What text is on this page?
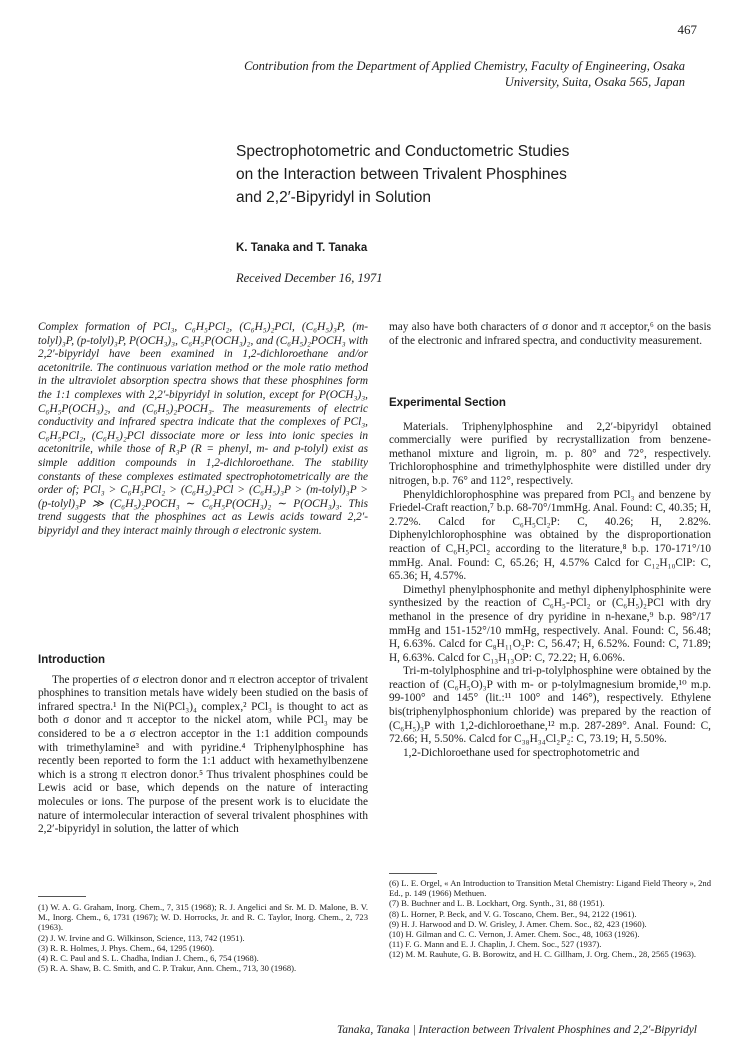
467
Contribution from the Department of Applied Chemistry, Faculty of Engineering, Osaka University, Suita, Osaka 565, Japan
Spectrophotometric and Conductometric Studies
on the Interaction between Trivalent Phosphines
and 2,2′-Bipyridyl in Solution
K. Tanaka and T. Tanaka
Received December 16, 1971

Complex formation of PCl₃, C₆H₅PCl₂, (C₆H₅)₂PCl, (C₆H₅)₃P, (m-tolyl)₃P, (p-tolyl)₃P, P(OCH₃)₃, C₆H₅P(OCH₃)₂, and (C₆H₅)₂POCH₃ with 2,2′-bipyridyl have been examined in 1,2-dichloroethane and/or acetonitrile. The continuous variation method or the mole ratio method in the ultraviolet absorption spectra shows that these phosphines form the 1:1 complexes with 2,2′-bipyridyl in solution, except for P(OCH₃)₃, C₆H₅P(OCH₃)₂, and (C₆H₅)₂POCH₃. The measurements of electric conductivity and infrared spectra indicate that the complexes of PCl₃, C₆H₅PCl₂, (C₆H₅)₂PCl dissociate more or less into ionic species in acetonitrile, while those of R₃P (R = phenyl, m- and p-tolyl) exist as simple addition compounds in 1,2-dichloroethane. The stability constants of these complexes estimated spectrophotometrically are the order of; PCl₃ > C₆H₅PCl₂ > (C₆H₅)₂PCl > (C₆H₅)₃P > (m-tolyl)₃P > (p-tolyl)₃P ≫ (C₆H₅)₂POCH₃ ∼ C₆H₅P(OCH₃)₂ ∼ P(OCH₃)₃. This trend suggests that the phosphines act as Lewis acids toward 2,2′-bipyridyl and they interact mainly through σ electronic system.

Introduction

The properties of σ electron donor and π electron acceptor of trivalent phosphines to transition metals have widely been studied on the basis of infrared spectra.¹ In the Ni(PCl₃)₄ complex,² PCl₃ is thought to act as both σ donor and π acceptor to the nickel atom, while PCl₃ may be considered to be a σ electron acceptor in the 1:1 addition compounds with trimethylamine³ and with pyridine.⁴ Triphenylphosphine has recently been reported to form the 1:1 adduct with hexamethylbenzene which is a strong π electron donor.⁵ Thus trivalent phosphines could be Lewis acid or base, which depends on the nature of interacting molecules or ions. The purpose of the present work is to elucidate the nature of intermolecular interaction of several trivalent phosphines with 2,2′-bipyridyl in solution, the latter of which

(1) W. A. G. Graham, Inorg. Chem., 7, 315 (1968); R. J. Angelici and Sr. M. D. Malone, B. V. M., Inorg. Chem., 6, 1731 (1967); W. D. Horrocks, Jr. and R. C. Taylor, Inorg. Chem., 2, 723 (1963).

(2) J. W. Irvine and G. Wilkinson, Science, 113, 742 (1951).

(3) R. R. Holmes, J. Phys. Chem., 64, 1295 (1960).

(4) R. C. Paul and S. L. Chadha, Indian J. Chem., 6, 754 (1968).

(5) R. A. Shaw, B. C. Smith, and C. P. Trakur, Ann. Chem., 713, 30 (1968).

may also have both characters of σ donor and π acceptor,⁶ on the basis of the electronic and infrared spectra, and conductivity measurement.

Experimental Section

Materials. Triphenylphosphine and 2,2′-bipyridyl obtained commercially were purified by recrystallization from benzene-methanol mixture and ligroin, m. p. 80° and 72°, respectively. Trichlorophosphine and trimethylphosphite were distilled under dry nitrogen, b.p. 76° and 112°, respectively.

Phenyldichlorophosphine was prepared from PCl₃ and benzene by Friedel-Craft reaction,⁷ b.p. 68-70°/1mmHg. Anal. Found: C, 40.35; H, 2.72%. Calcd for C₆H₅Cl₂P: C, 40.26; H, 2.82%. Diphenylchlorophosphine was obtained by the disproportionation reaction of C₆H₅PCl₂ according to the literature,⁸ b.p. 170-171°/10 mmHg. Anal. Found: C, 65.26; H, 4.57% Calcd for C₁₂H₁₀ClP: C, 65.36; H, 4.57%.

Dimethyl phenylphosphonite and methyl diphenylphosphinite were synthesized by the reaction of C₆H₅-PCl₂ or (C₆H₅)₂PCl with dry methanol in the presence of dry pyridine in n-hexane,⁹ b.p. 98°/17 mmHg and 151-152°/10 mmHg, respectively. Anal. Found: C, 56.48; H, 6.63%. Calcd for C₈H₁₁O₂P: C, 56.47; H, 6.52%. Found: C, 71.89; H, 6.63%. Calcd for C₁₃H₁₃OP: C, 72.22; H, 6.06%.

Tri-m-tolylphosphine and tri-p-tolylphosphine were obtained by the reaction of (C₆H₅O)₃P with m- or p-tolylmagnesium bromide,¹⁰ m.p. 99-100° and 145° (lit.:¹¹ 100° and 146°), respectively. Ethylene bis(triphenylphosphonium chloride) was prepared by the reaction of (C₆H₅)₃P with 1,2-dichloroethane,¹² m.p. 287-289°. Anal. Found: C, 72.66; H, 5.50%. Calcd for C₃₈H₃₄Cl₂P₂: C, 73.19; H, 5.50%.

1,2-Dichloroethane used for spectrophotometric and

(6) L. E. Orgel, « An Introduction to Transition Metal Chemistry: Ligand Field Theory », 2nd Ed., p. 149 (1966) Methuen.

(7) B. Buchner and L. B. Lockhart, Org. Synth., 31, 88 (1951).

(8) L. Horner, P. Beck, and V. G. Toscano, Chem. Ber., 94, 2122 (1961).

(9) H. J. Harwood and D. W. Grisley, J. Amer. Chem. Soc., 82, 423 (1960).

(10) H. Gilman and C. C. Vernon, J. Amer. Chem. Soc., 48, 1063 (1926).

(11) F. G. Mann and E. J. Chaplin, J. Chem. Soc., 527 (1937).

(12) M. M. Rauhute, G. B. Borowitz, and H. C. Gillham, J. Org. Chem., 28, 2565 (1963).

Tanaka, Tanaka | Interaction between Trivalent Phosphines and 2,2′-Bipyridyl
